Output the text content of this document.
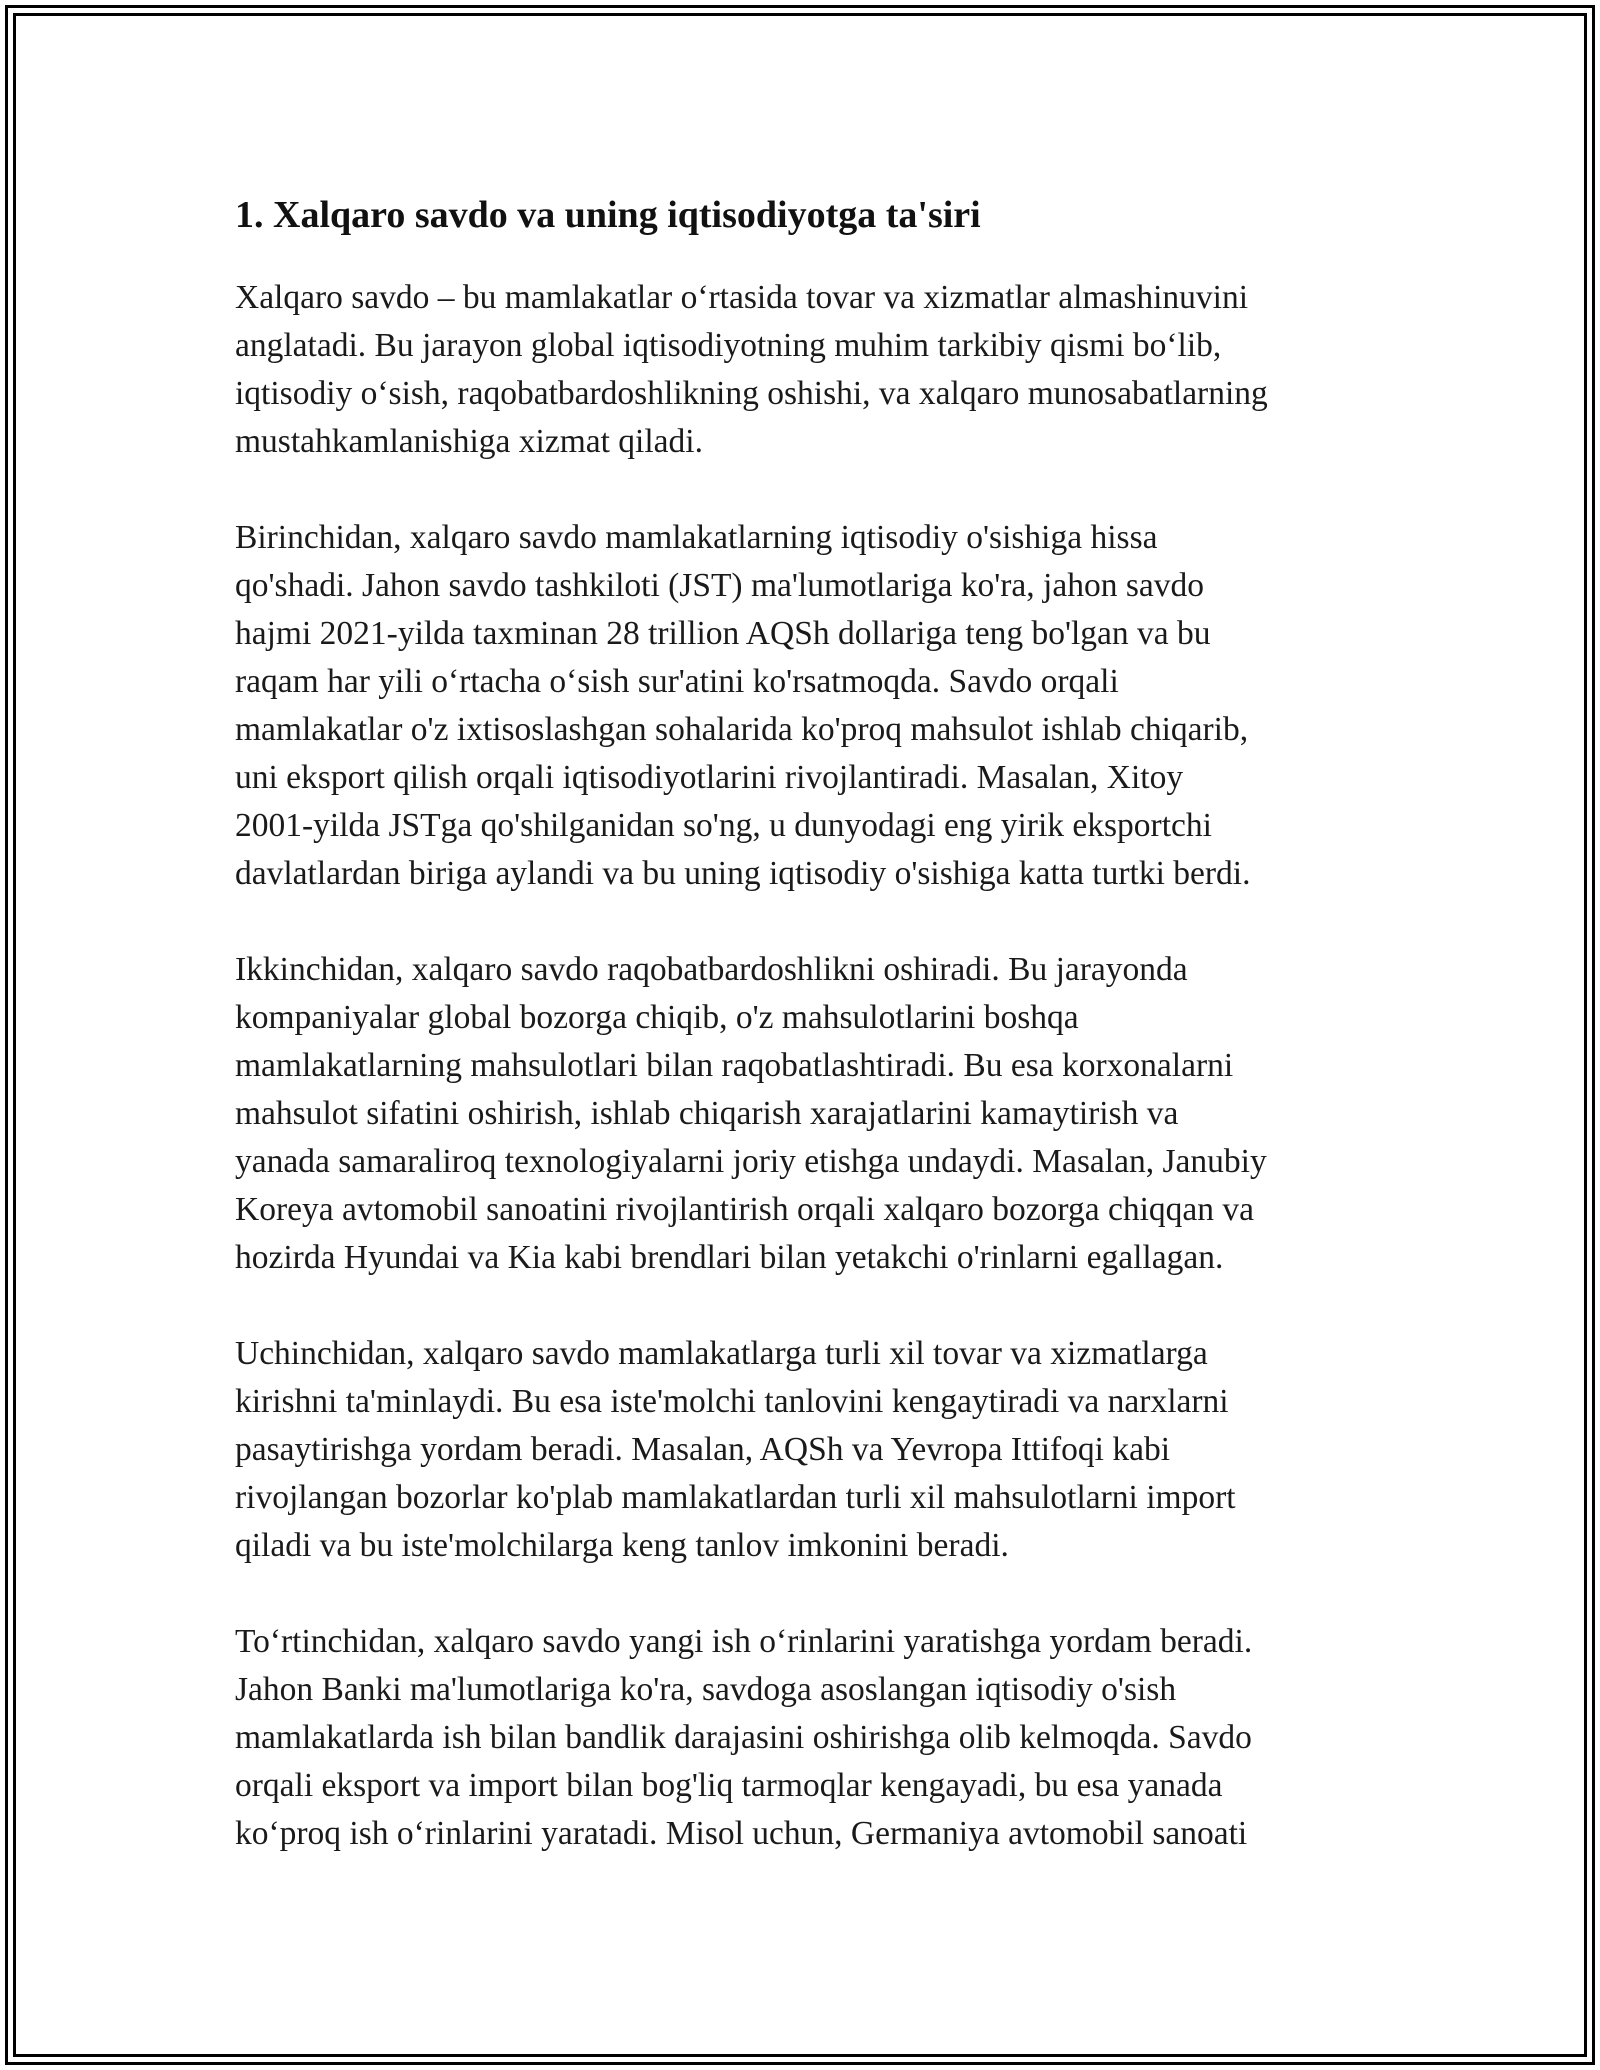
1. Xalqaro savdo va uning iqtisodiyotga ta'siri

Xalqaro savdo – bu mamlakatlar o‘rtasida tovar va xizmatlar almashinuvini
anglatadi. Bu jarayon global iqtisodiyotning muhim tarkibiy qismi bo‘lib,
iqtisodiy o‘sish, raqobatbardoshlikning oshishi, va xalqaro munosabatlarning
mustahkamlanishiga xizmat qiladi.

Birinchidan, xalqaro savdo mamlakatlarning iqtisodiy o'sishiga hissa
qo'shadi. Jahon savdo tashkiloti (JST) ma'lumotlariga ko'ra, jahon savdo
hajmi 2021-yilda taxminan 28 trillion AQSh dollariga teng bo'lgan va bu
raqam har yili o‘rtacha o‘sish sur'atini ko'rsatmoqda. Savdo orqali
mamlakatlar o'z ixtisoslashgan sohalarida ko'proq mahsulot ishlab chiqarib,
uni eksport qilish orqali iqtisodiyotlarini rivojlantiradi. Masalan, Xitoy
2001-yilda JSTga qo'shilganidan so'ng, u dunyodagi eng yirik eksportchi
davlatlardan biriga aylandi va bu uning iqtisodiy o'sishiga katta turtki berdi.

Ikkinchidan, xalqaro savdo raqobatbardoshlikni oshiradi. Bu jarayonda
kompaniyalar global bozorga chiqib, o'z mahsulotlarini boshqa
mamlakatlarning mahsulotlari bilan raqobatlashtiradi. Bu esa korxonalarni
mahsulot sifatini oshirish, ishlab chiqarish xarajatlarini kamaytirish va
yanada samaraliroq texnologiyalarni joriy etishga undaydi. Masalan, Janubiy
Koreya avtomobil sanoatini rivojlantirish orqali xalqaro bozorga chiqqan va
hozirda Hyundai va Kia kabi brendlari bilan yetakchi o'rinlarni egallagan.

Uchinchidan, xalqaro savdo mamlakatlarga turli xil tovar va xizmatlarga
kirishni ta'minlaydi. Bu esa iste'molchi tanlovini kengaytiradi va narxlarni
pasaytirishga yordam beradi. Masalan, AQSh va Yevropa Ittifoqi kabi
rivojlangan bozorlar ko'plab mamlakatlardan turli xil mahsulotlarni import
qiladi va bu iste'molchilarga keng tanlov imkonini beradi.

To‘rtinchidan, xalqaro savdo yangi ish o‘rinlarini yaratishga yordam beradi.
Jahon Banki ma'lumotlariga ko'ra, savdoga asoslangan iqtisodiy o'sish
mamlakatlarda ish bilan bandlik darajasini oshirishga olib kelmoqda. Savdo
orqali eksport va import bilan bog'liq tarmoqlar kengayadi, bu esa yanada
ko‘proq ish o‘rinlarini yaratadi. Misol uchun, Germaniya avtomobil sanoati
